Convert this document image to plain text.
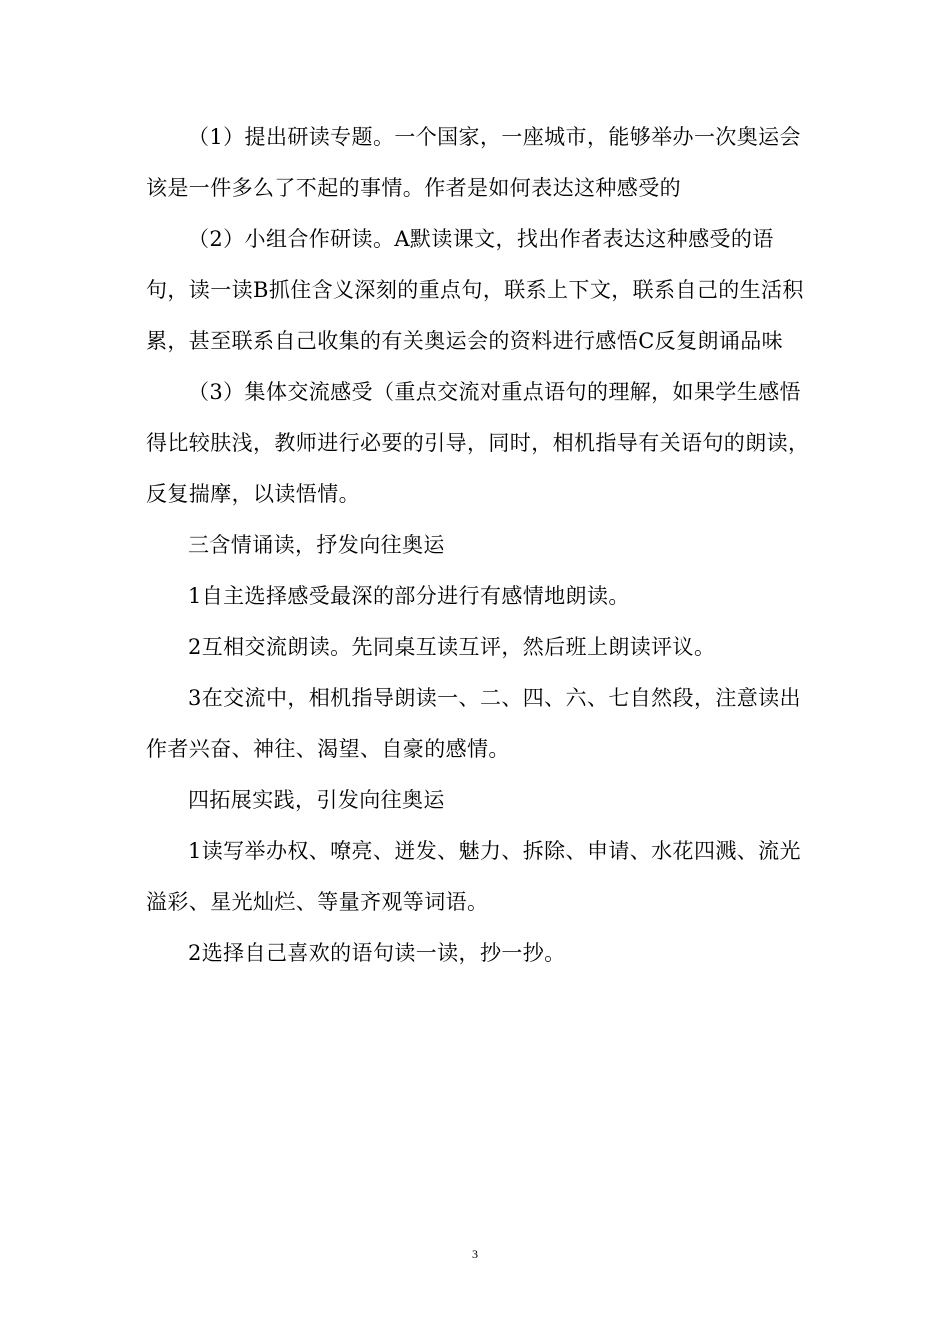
（1）提出研读专题。一个国家，一座城市，能够举办一次奥运会该是一件多么了不起的事情。作者是如何表达这种感受的

（2）小组合作研读。A默读课文，找出作者表达这种感受的语句，读一读B抓住含义深刻的重点句，联系上下文，联系自己的生活积累，甚至联系自己收集的有关奥运会的资料进行感悟C反复朗诵品味

（3）集体交流感受（重点交流对重点语句的理解，如果学生感悟得比较肤浅，教师进行必要的引导，同时，相机指导有关语句的朗读，反复揣摩，以读悟情。

三含情诵读，抒发向往奥运

1自主选择感受最深的部分进行有感情地朗读。

2互相交流朗读。先同桌互读互评，然后班上朗读评议。

3在交流中，相机指导朗读一、二、四、六、七自然段，注意读出作者兴奋、神往、渴望、自豪的感情。

四拓展实践，引发向往奥运

1读写举办权、嘹亮、迸发、魅力、拆除、申请、水花四溅、流光溢彩、星光灿烂、等量齐观等词语。

2选择自己喜欢的语句读一读，抄一抄。

3
